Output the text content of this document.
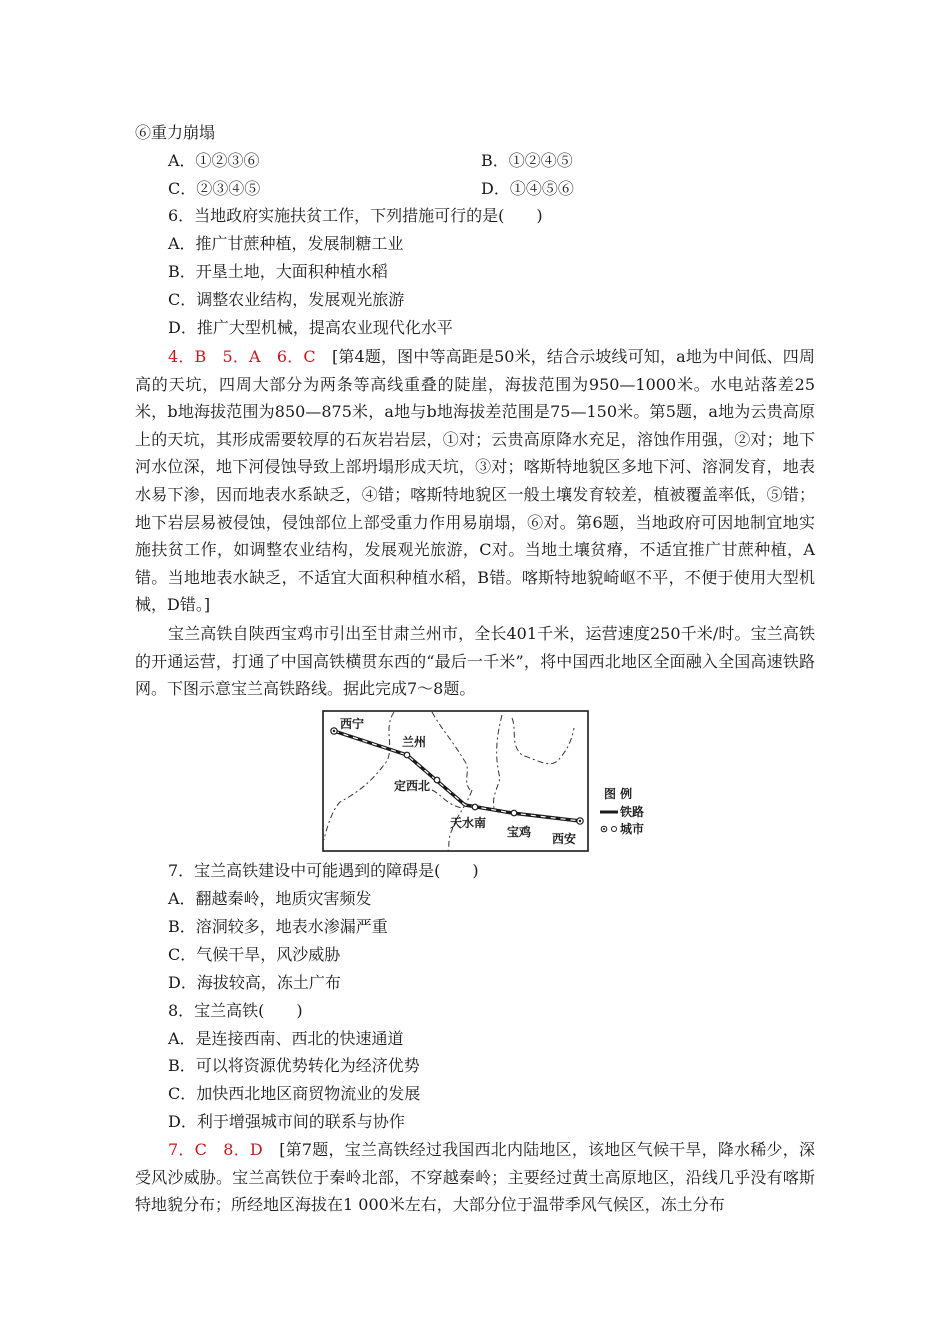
⑥重力崩塌
A．①②③⑥	B．①②④⑤
C．②③④⑤	D．①④⑤⑥
6．当地政府实施扶贫工作，下列措施可行的是(　　)
A．推广甘蔗种植，发展制糖工业
B．开垦土地，大面积种植水稻
C．调整农业结构，发展观光旅游
D．推广大型机械，提高农业现代化水平
4．B　5．A　6．C　 [第4题，图中等高距是50米，结合示坡线可知，a地为中间低、四周高的天坑，四周大部分为两条等高线重叠的陡崖，海拔范围为950—1000米。水电站落差25米，b地海拔范围为850—875米，a地与b地海拔差范围是75—150米。第5题，a地为云贵高原上的天坑，其形成需要较厚的石灰岩岩层，①对；云贵高原降水充足，溶蚀作用强，②对；地下河水位深，地下河侵蚀导致上部坍塌形成天坑，③对；喀斯特地貌区多地下河、溶洞发育，地表水易下渗，因而地表水系缺乏，④错；喀斯特地貌区一般土壤发育较差，植被覆盖率低，⑤错；地下岩层易被侵蚀，侵蚀部位上部受重力作用易崩塌，⑥对。第6题，当地政府可因地制宜地实施扶贫工作，如调整农业结构，发展观光旅游，C对。当地土壤贫瘠，不适宜推广甘蔗种植，A错。当地地表水缺乏，不适宜大面积种植水稻，B错。喀斯特地貌崎岖不平，不便于使用大型机械，D错。]
宝兰高铁自陕西宝鸡市引出至甘肃兰州市，全长401千米，运营速度250千米/时。宝兰高铁的开通运营，打通了中国高铁横贯东西的“最后一千米”，将中国西北地区全面融入全国高速铁路网。下图示意宝兰高铁路线。据此完成7～8题。
西宁
兰州
定西北
天水南
宝鸡 西安
图 例
铁路
城市
7．宝兰高铁建设中可能遇到的障碍是(　　)
A．翻越秦岭，地质灾害频发
B．溶洞较多，地表水渗漏严重
C．气候干旱，风沙威胁
D．海拔较高，冻土广布
8．宝兰高铁(　　)
A．是连接西南、西北的快速通道
B．可以将资源优势转化为经济优势
C．加快西北地区商贸物流业的发展
D．利于增强城市间的联系与协作
7．C　8．D　 [第7题，宝兰高铁经过我国西北内陆地区，该地区气候干旱，降水稀少，深受风沙威胁。宝兰高铁位于秦岭北部，不穿越秦岭；主要经过黄土高原地区，沿线几乎没有喀斯特地貌分布；所经地区海拔在1 000米左右，大部分位于温带季风气候区，冻土分布
